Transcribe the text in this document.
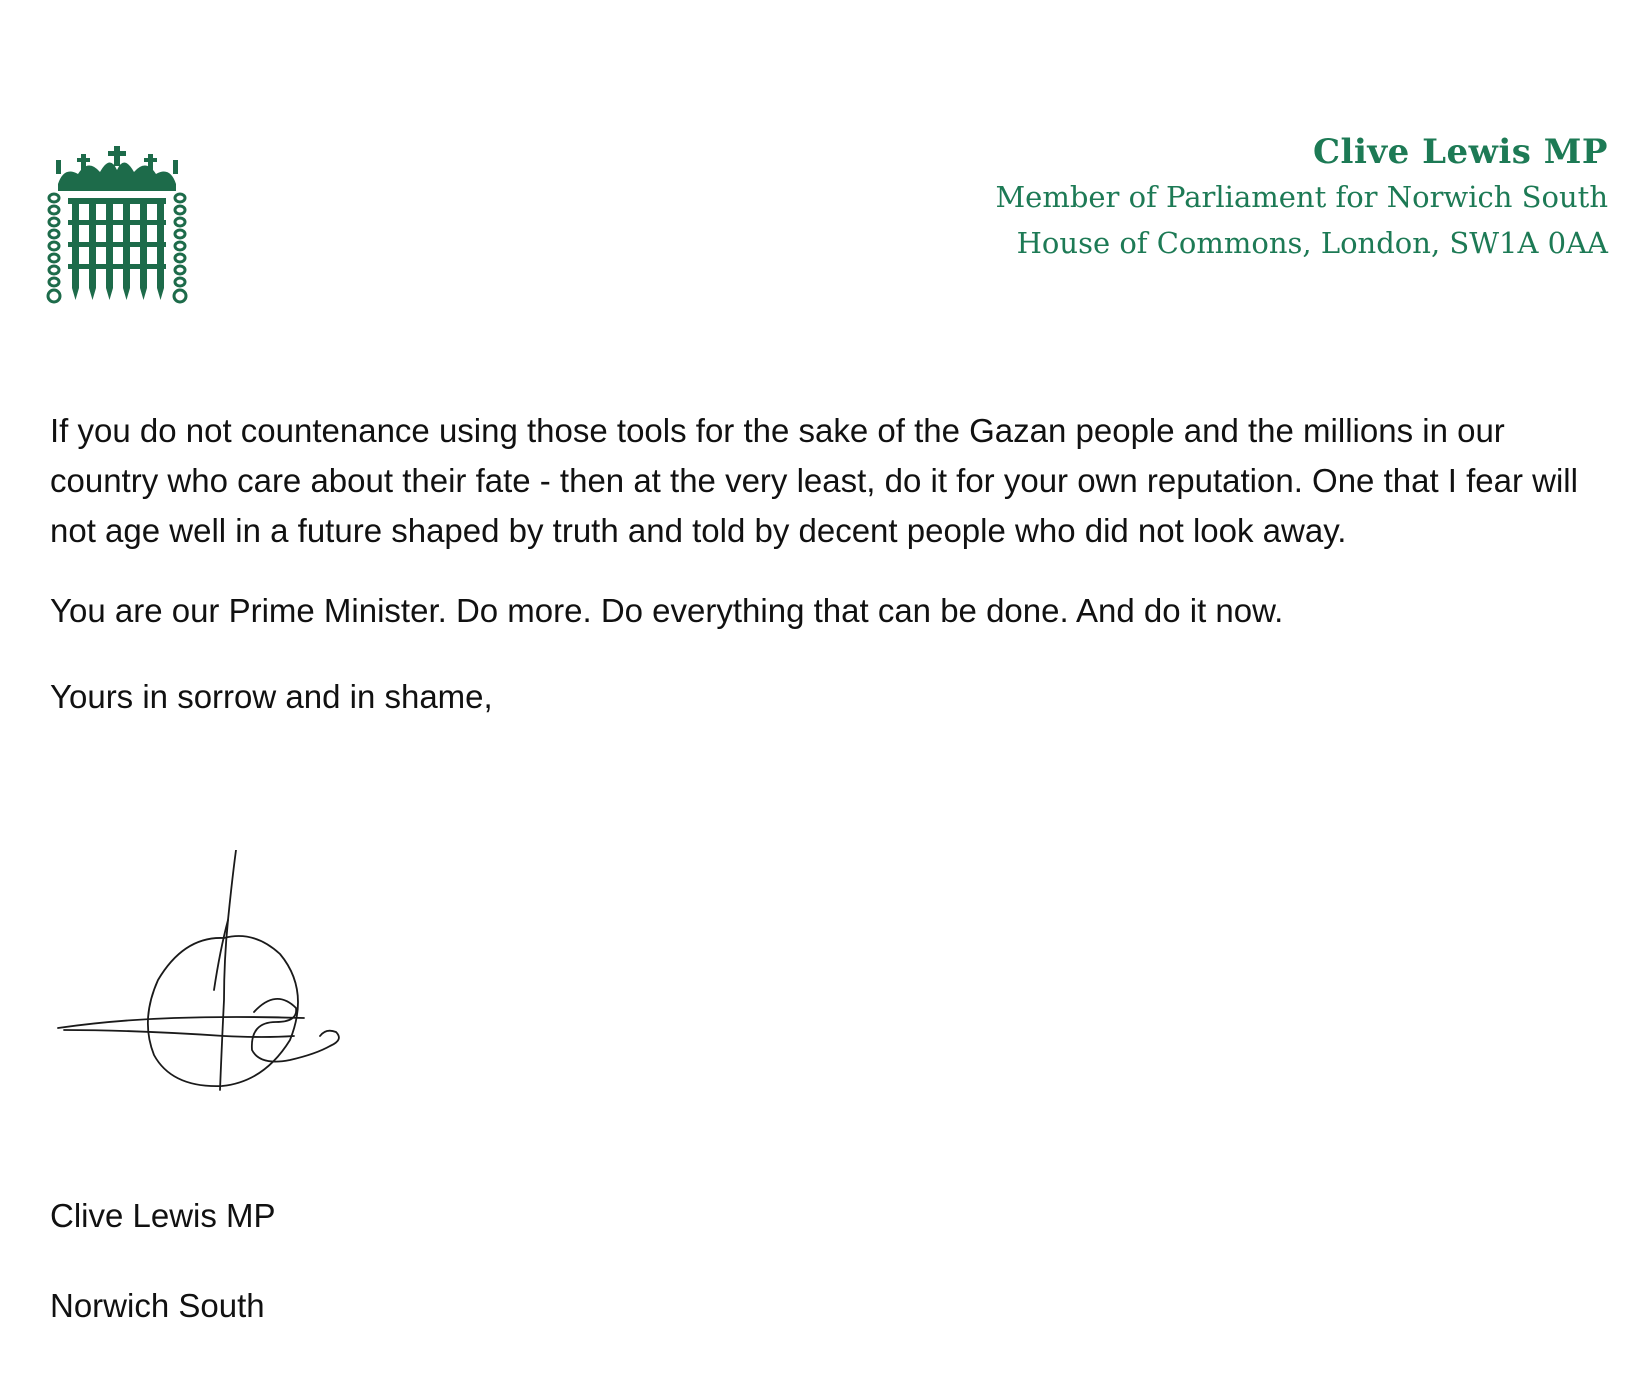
Clive Lewis MP
Member of Parliament for Norwich South
House of Commons, London, SW1A 0AA

If you do not countenance using those tools for the sake of the Gazan people and the millions in our country who care about their fate - then at the very least, do it for your own reputation. One that I fear will not age well in a future shaped by truth and told by decent people who did not look away.

You are our Prime Minister. Do more. Do everything that can be done. And do it now.

Yours in sorrow and in shame,

Clive Lewis MP
Norwich South
